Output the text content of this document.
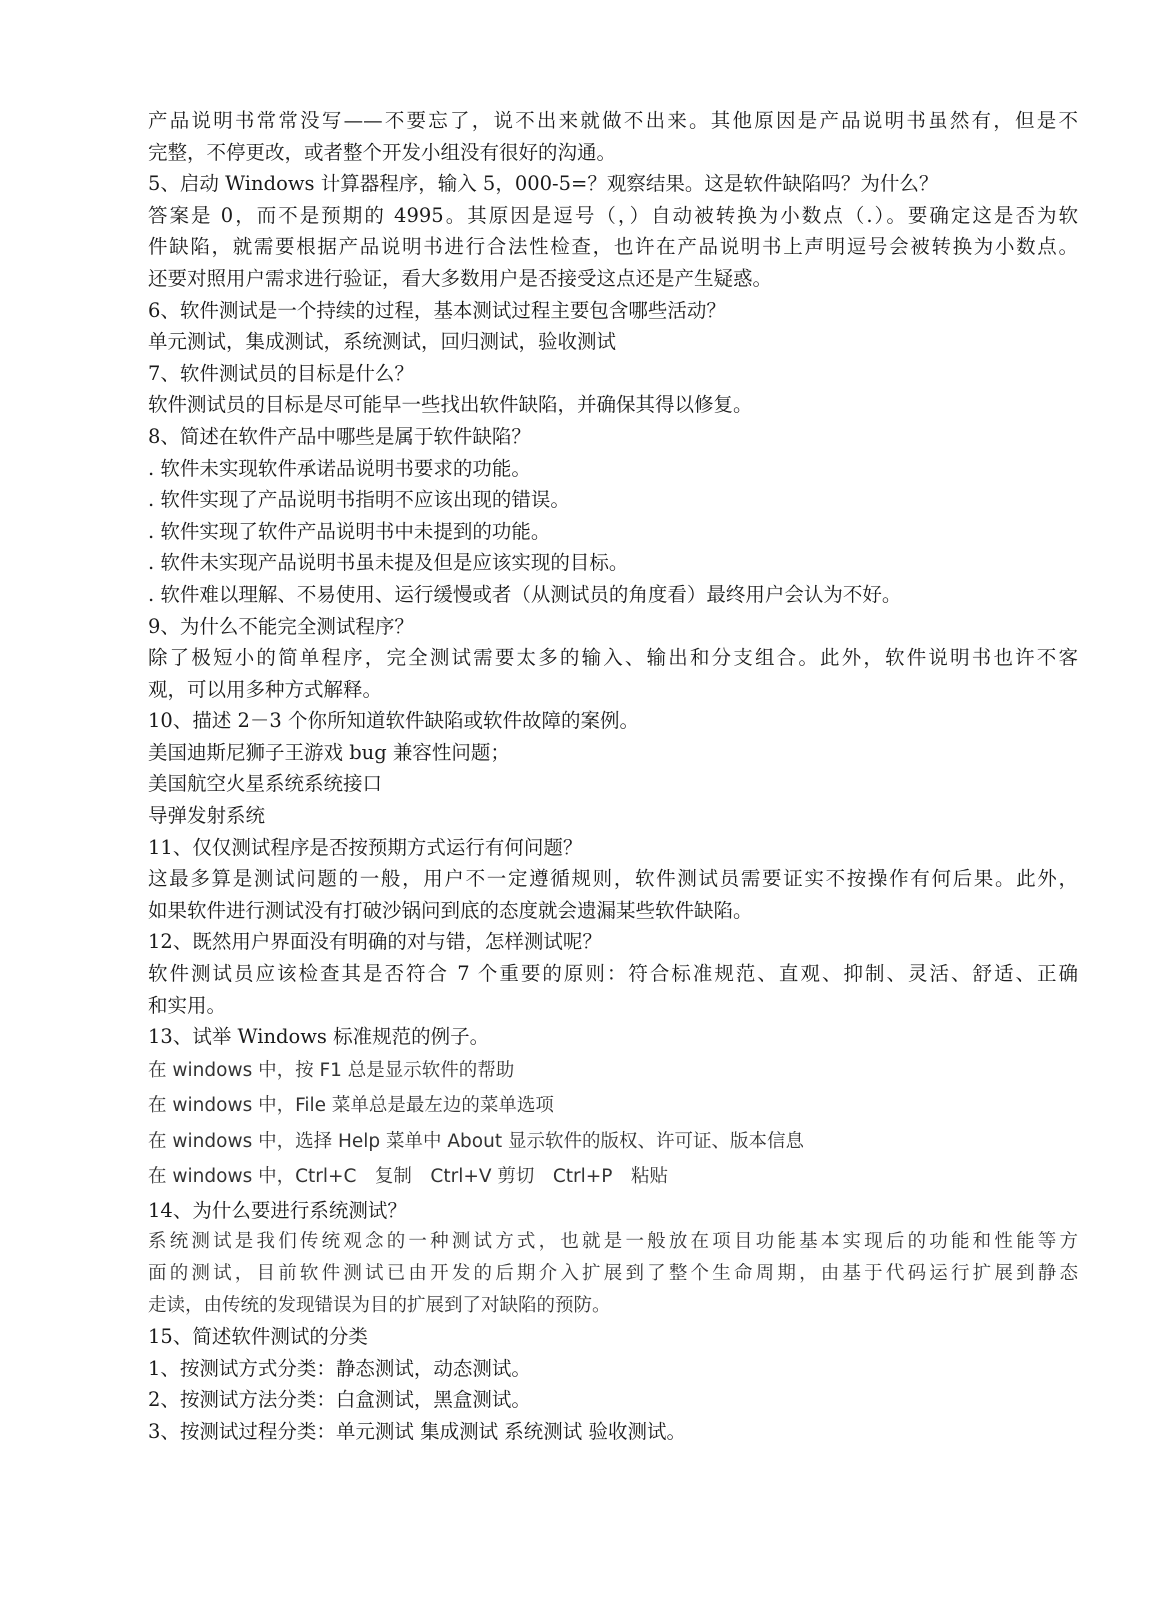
产品说明书常常没写——不要忘了，说不出来就做不出来。其他原因是产品说明书虽然有，但是不
完整，不停更改，或者整个开发小组没有很好的沟通。
5、启动 Windows 计算器程序，输入 5，000-5=？观察结果。这是软件缺陷吗？为什么？
答案是 0，而不是预期的 4995。其原因是逗号（，）自动被转换为小数点（.）。要确定这是否为软
件缺陷，就需要根据产品说明书进行合法性检查，也许在产品说明书上声明逗号会被转换为小数点。
还要对照用户需求进行验证，看大多数用户是否接受这点还是产生疑惑。
6、软件测试是一个持续的过程，基本测试过程主要包含哪些活动？
单元测试，集成测试，系统测试，回归测试，验收测试
7、软件测试员的目标是什么？
软件测试员的目标是尽可能早一些找出软件缺陷，并确保其得以修复。
8、简述在软件产品中哪些是属于软件缺陷？
. 软件未实现软件承诺品说明书要求的功能。
. 软件实现了产品说明书指明不应该出现的错误。
. 软件实现了软件产品说明书中未提到的功能。
. 软件未实现产品说明书虽未提及但是应该实现的目标。
. 软件难以理解、不易使用、运行缓慢或者（从测试员的角度看）最终用户会认为不好。
9、为什么不能完全测试程序？
除了极短小的简单程序，完全测试需要太多的输入、输出和分支组合。此外，软件说明书也许不客
观，可以用多种方式解释。
10、描述 2－3 个你所知道软件缺陷或软件故障的案例。
美国迪斯尼狮子王游戏 bug 兼容性问题；
美国航空火星系统系统接口
导弹发射系统
11、仅仅测试程序是否按预期方式运行有何问题？
这最多算是测试问题的一般，用户不一定遵循规则，软件测试员需要证实不按操作有何后果。此外，
如果软件进行测试没有打破沙锅问到底的态度就会遗漏某些软件缺陷。
12、既然用户界面没有明确的对与错，怎样测试呢？
软件测试员应该检查其是否符合 7 个重要的原则：符合标准规范、直观、抑制、灵活、舒适、正确
和实用。
13、试举 Windows 标准规范的例子。
在 windows 中，按 F1 总是显示软件的帮助
在 windows 中，File 菜单总是最左边的菜单选项
在 windows 中，选择 Help 菜单中 About 显示软件的版权、许可证、版本信息
在 windows 中，Ctrl+C　复制　Ctrl+V 剪切　Ctrl+P　粘贴
14、为什么要进行系统测试？
系统测试是我们传统观念的一种测试方式，也就是一般放在项目功能基本实现后的功能和性能等方
面的测试，目前软件测试已由开发的后期介入扩展到了整个生命周期，由基于代码运行扩展到静态
走读，由传统的发现错误为目的扩展到了对缺陷的预防。
15、简述软件测试的分类
1、按测试方式分类：静态测试，动态测试。
2、按测试方法分类：白盒测试，黑盒测试。
3、按测试过程分类：单元测试 集成测试 系统测试 验收测试。
